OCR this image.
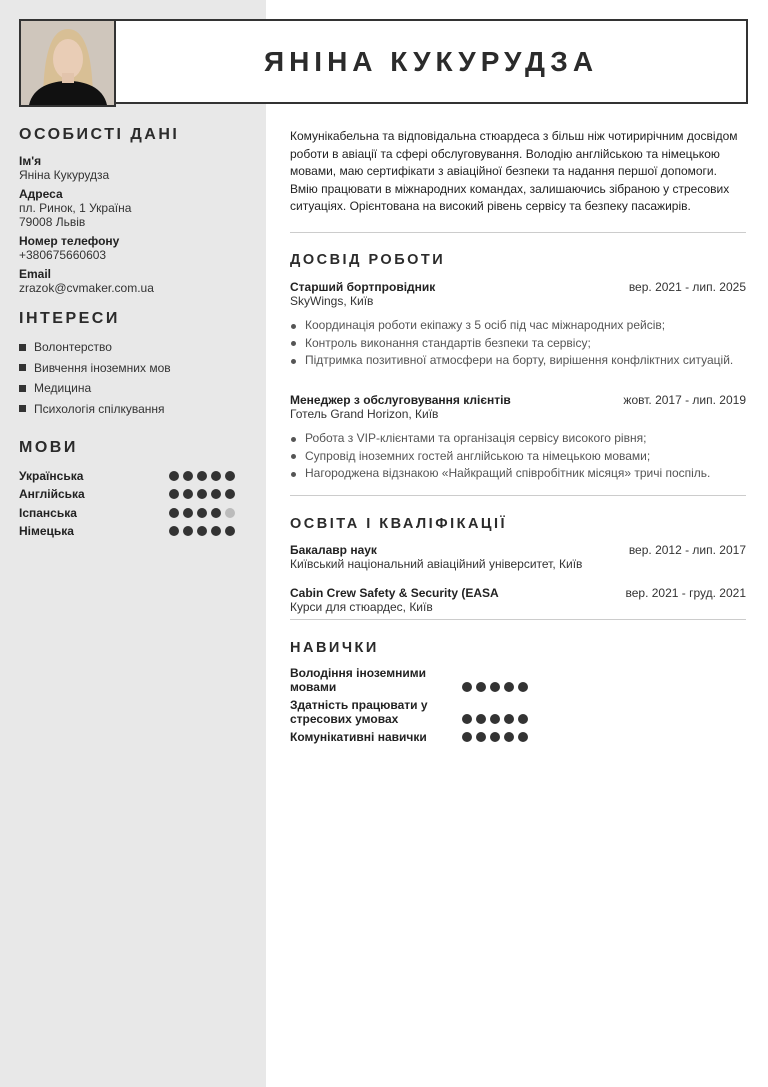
ЯНІНА КУКУРУДЗА
ОСОБИСТІ ДАНІ
Ім'я
Яніна Кукурудза
Адреса
пл. Ринок, 1 Україна
79008 Львів
Номер телефону
+380675660603
Email
zrazok@cvmaker.com.ua
ІНТЕРЕСИ
Волонтерство
Вивчення іноземних мов
Медицина
Психологія спілкування
МОВИ
Українська
Англійська
Іспанська
Німецька

Комунікабельна та відповідальна стюардеса з більш ніж чотирирічним досвідом роботи в авіації та сфері обслуговування. Володію англійською та німецькою мовами, маю сертифікати з авіаційної безпеки та надання першої допомоги. Вмію працювати в міжнародних командах, залишаючись зібраною у стресових ситуаціях. Орієнтована на високий рівень сервісу та безпеку пасажирів.

ДОСВІД РОБОТИ
Старший бортпровідник	вер. 2021 - лип. 2025
SkyWings, Київ
Координація роботи екіпажу з 5 осіб під час міжнародних рейсів;
Контроль виконання стандартів безпеки та сервісу;
Підтримка позитивної атмосфери на борту, вирішення конфліктних ситуацій.
Менеджер з обслуговування клієнтів	жовт. 2017 - лип. 2019
Готель Grand Horizon, Київ
Робота з VIP-клієнтами та організація сервісу високого рівня;
Супровід іноземних гостей англійською та німецькою мовами;
Нагороджена відзнакою «Найкращий співробітник місяця» тричі поспіль.
ОСВІТА І КВАЛІФІКАЦІЇ
Бакалавр наук	вер. 2012 - лип. 2017
Київський національний авіаційний університет, Київ
Cabin Crew Safety & Security (EASA	вер. 2021 - груд. 2021
Курси для стюардес, Київ
НАВИЧКИ
Володіння іноземними мовами
Здатність працювати у стресових умовах
Комунікативні навички
